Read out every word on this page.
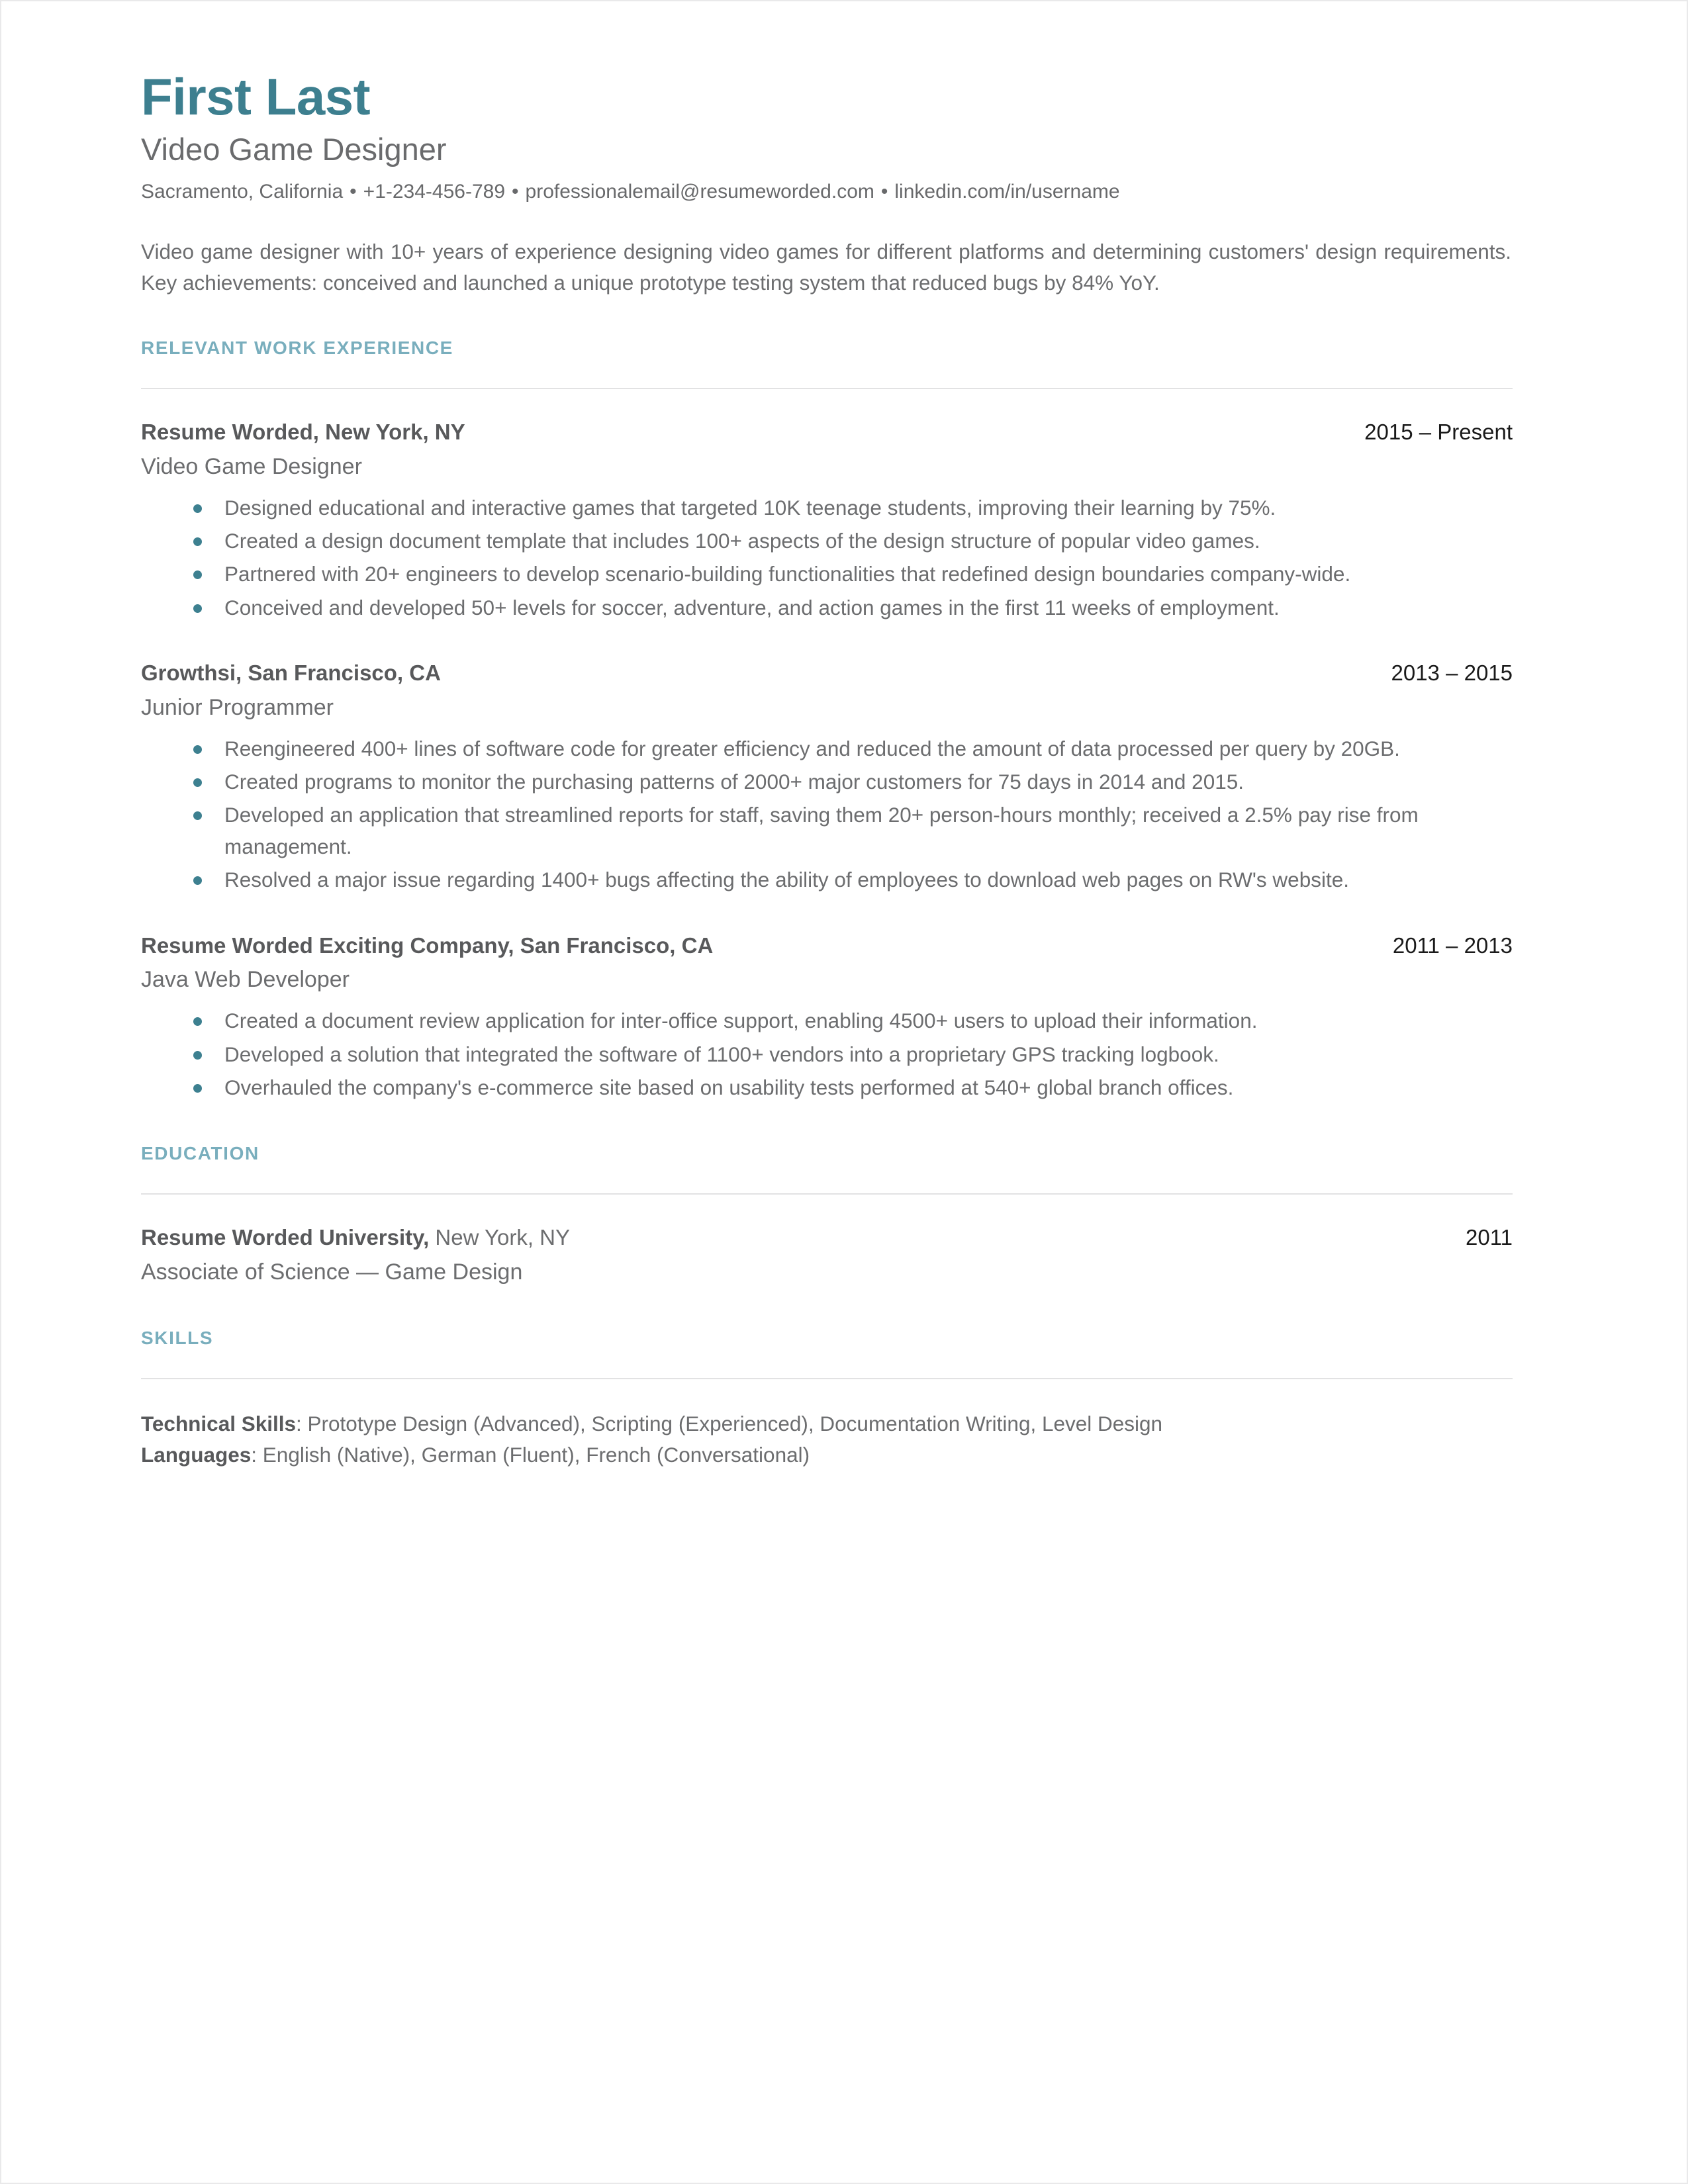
First Last
Video Game Designer
Sacramento, California • +1-234-456-789 • professionalemail@resumeworded.com • linkedin.com/in/username

Video game designer with 10+ years of experience designing video games for different platforms and determining customers' design requirements. Key achievements: conceived and launched a unique prototype testing system that reduced bugs by 84% YoY.

RELEVANT WORK EXPERIENCE
Resume Worded, New York, NY	2015 – Present
Video Game Designer
Designed educational and interactive games that targeted 10K teenage students, improving their learning by 75%.
Created a design document template that includes 100+ aspects of the design structure of popular video games.
Partnered with 20+ engineers to develop scenario-building functionalities that redefined design boundaries company-wide.
Conceived and developed 50+ levels for soccer, adventure, and action games in the first 11 weeks of employment.
Growthsi, San Francisco, CA	2013 – 2015
Junior Programmer
Reengineered 400+ lines of software code for greater efficiency and reduced the amount of data processed per query by 20GB.
Created programs to monitor the purchasing patterns of 2000+ major customers for 75 days in 2014 and 2015.
Developed an application that streamlined reports for staff, saving them 20+ person-hours monthly; received a 2.5% pay rise from management.
Resolved a major issue regarding 1400+ bugs affecting the ability of employees to download web pages on RW's website.
Resume Worded Exciting Company, San Francisco, CA	2011 – 2013
Java Web Developer
Created a document review application for inter-office support, enabling 4500+ users to upload their information.
Developed a solution that integrated the software of 1100+ vendors into a proprietary GPS tracking logbook.
Overhauled the company's e-commerce site based on usability tests performed at 540+ global branch offices.
EDUCATION
Resume Worded University, New York, NY	2011
Associate of Science — Game Design
SKILLS
Technical Skills: Prototype Design (Advanced), Scripting (Experienced), Documentation Writing, Level Design
Languages: English (Native), German (Fluent), French (Conversational)
